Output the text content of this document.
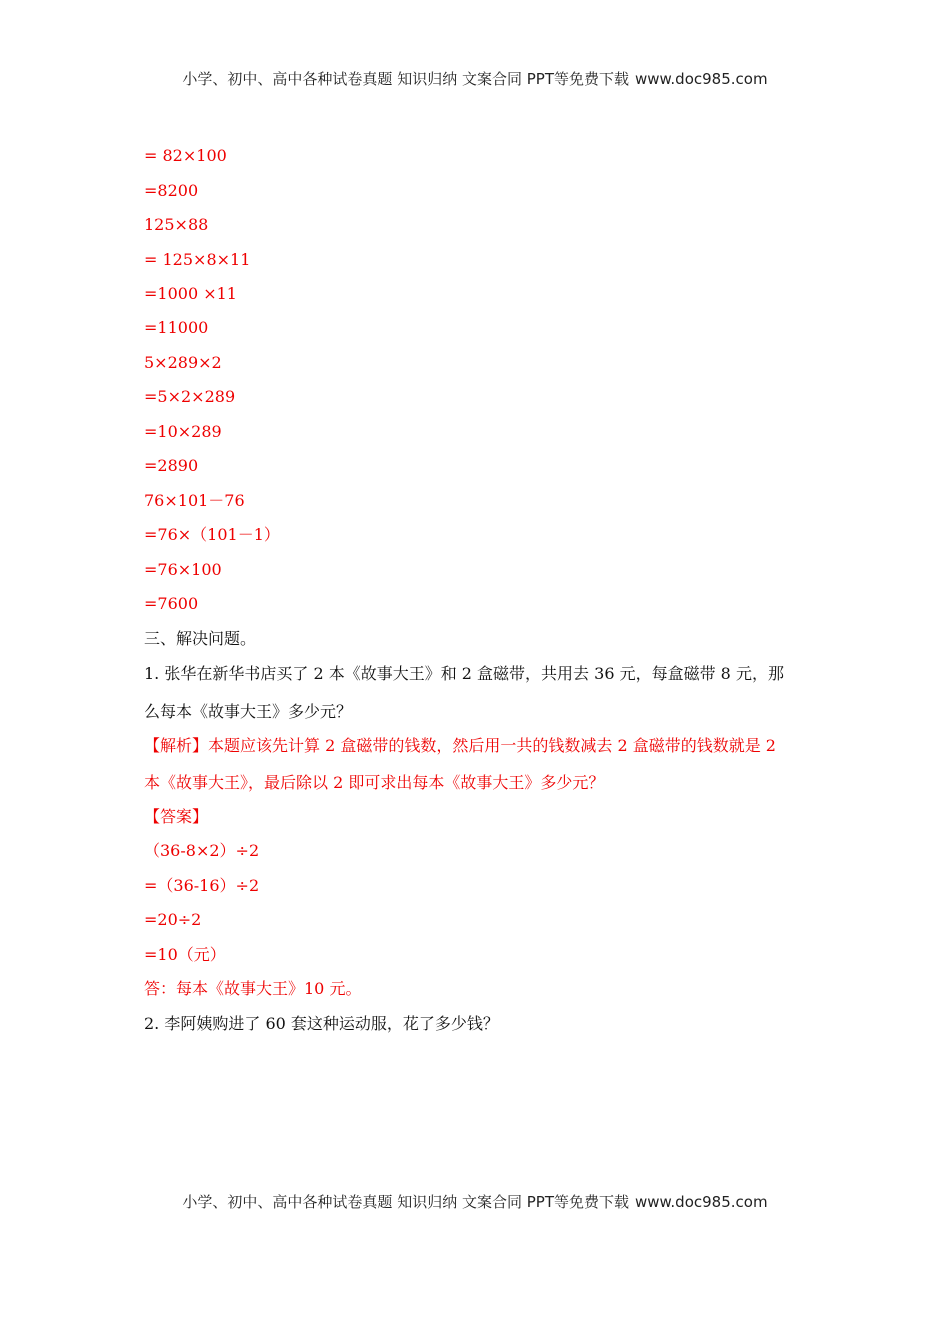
小学、初中、高中各种试卷真题 知识归纳 文案合同 PPT等免费下载 www.doc985.com
= 82×100
=8200
125×88
= 125×8×11
=1000 ×11
=11000
5×289×2
=5×2×289
=10×289
=2890
76×101－76
=76×（101－1）
=76×100
=7600
三、解决问题。
1. 张华在新华书店买了 2 本《故事大王》和 2 盒磁带，共用去 36 元，每盒磁带 8 元，那
么每本《故事大王》多少元？
【解析】本题应该先计算 2 盒磁带的钱数，然后用一共的钱数减去 2 盒磁带的钱数就是 2
本《故事大王》，最后除以 2 即可求出每本《故事大王》多少元？
【答案】
（36-8×2）÷2
=（36-16）÷2
=20÷2
=10（元）
答：每本《故事大王》10 元。
2. 李阿姨购进了 60 套这种运动服，花了多少钱？
小学、初中、高中各种试卷真题 知识归纳 文案合同 PPT等免费下载 www.doc985.com
